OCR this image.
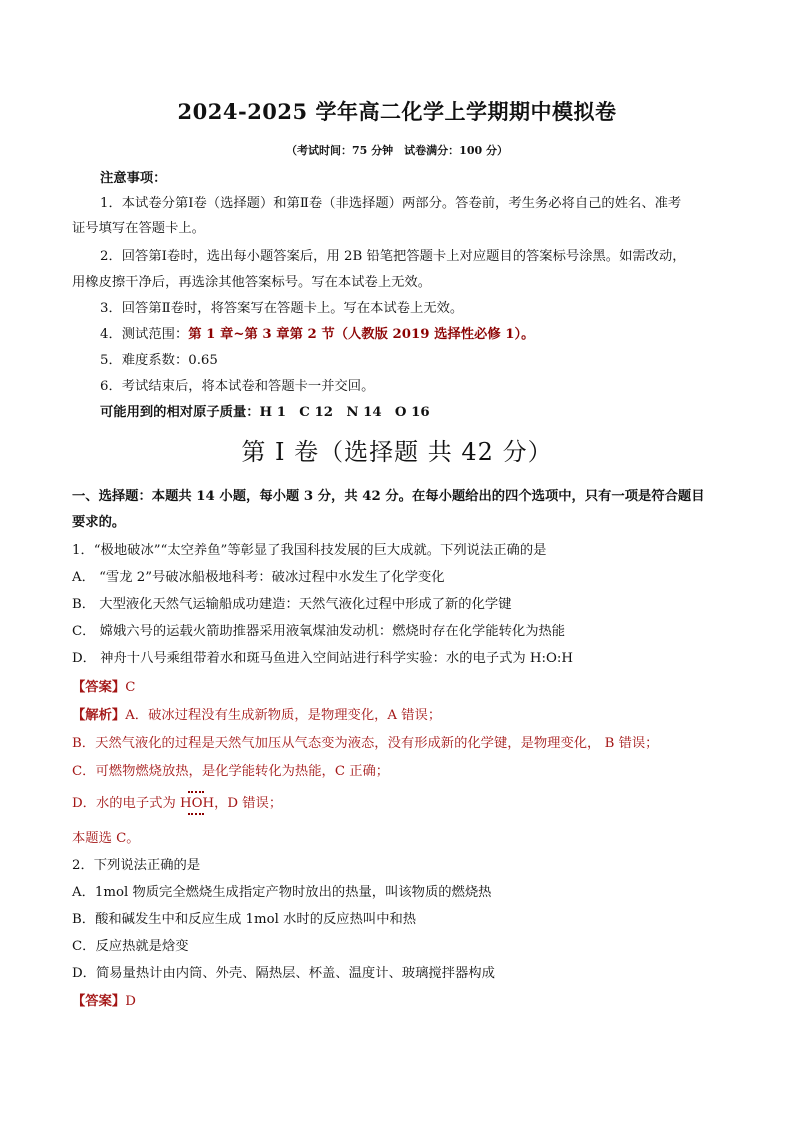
2024-2025 学年高二化学上学期期中模拟卷
（考试时间：75 分钟　试卷满分：100 分）
注意事项：
1．本试卷分第Ⅰ卷（选择题）和第Ⅱ卷（非选择题）两部分。答卷前，考生务必将自己的姓名、准考
证号填写在答题卡上。
2．回答第Ⅰ卷时，选出每小题答案后，用 2B 铅笔把答题卡上对应题目的答案标号涂黑。如需改动，
用橡皮擦干净后，再选涂其他答案标号。写在本试卷上无效。
3．回答第Ⅱ卷时，将答案写在答题卡上。写在本试卷上无效。
4．测试范围：第 1 章~第 3 章第 2 节（人教版 2019 选择性必修 1）。
5．难度系数：0.65
6．考试结束后，将本试卷和答题卡一并交回。
可能用到的相对原子质量：H 1　C 12　N 14　O 16
第 I 卷（选择题 共 42 分）
一、选择题：本题共 14 小题，每小题 3 分，共 42 分。在每小题给出的四个选项中，只有一项是符合题目
要求的。
1．“极地破冰”“太空养鱼”等彰显了我国科技发展的巨大成就。下列说法正确的是
A． “雪龙 2”号破冰船极地科考：破冰过程中水发生了化学变化
B． 大型液化天然气运输船成功建造：天然气液化过程中形成了新的化学键
C． 嫦娥六号的运载火箭助推器采用液氧煤油发动机：燃烧时存在化学能转化为热能
D． 神舟十八号乘组带着水和斑马鱼进入空间站进行科学实验：水的电子式为 H:O:H
【答案】C
【解析】A．破冰过程没有生成新物质，是物理变化，A 错误；
B．天然气液化的过程是天然气加压从气态变为液态，没有形成新的化学键，是物理变化， B 错误；
C．可燃物燃烧放热，是化学能转化为热能，C 正确；
D．水的电子式为 HOH，D 错误；
本题选 C。
2．下列说法正确的是
A．1mol 物质完全燃烧生成指定产物时放出的热量，叫该物质的燃烧热
B．酸和碱发生中和反应生成 1mol 水时的反应热叫中和热
C．反应热就是焓变
D．简易量热计由内筒、外壳、隔热层、杯盖、温度计、玻璃搅拌器构成
【答案】D
